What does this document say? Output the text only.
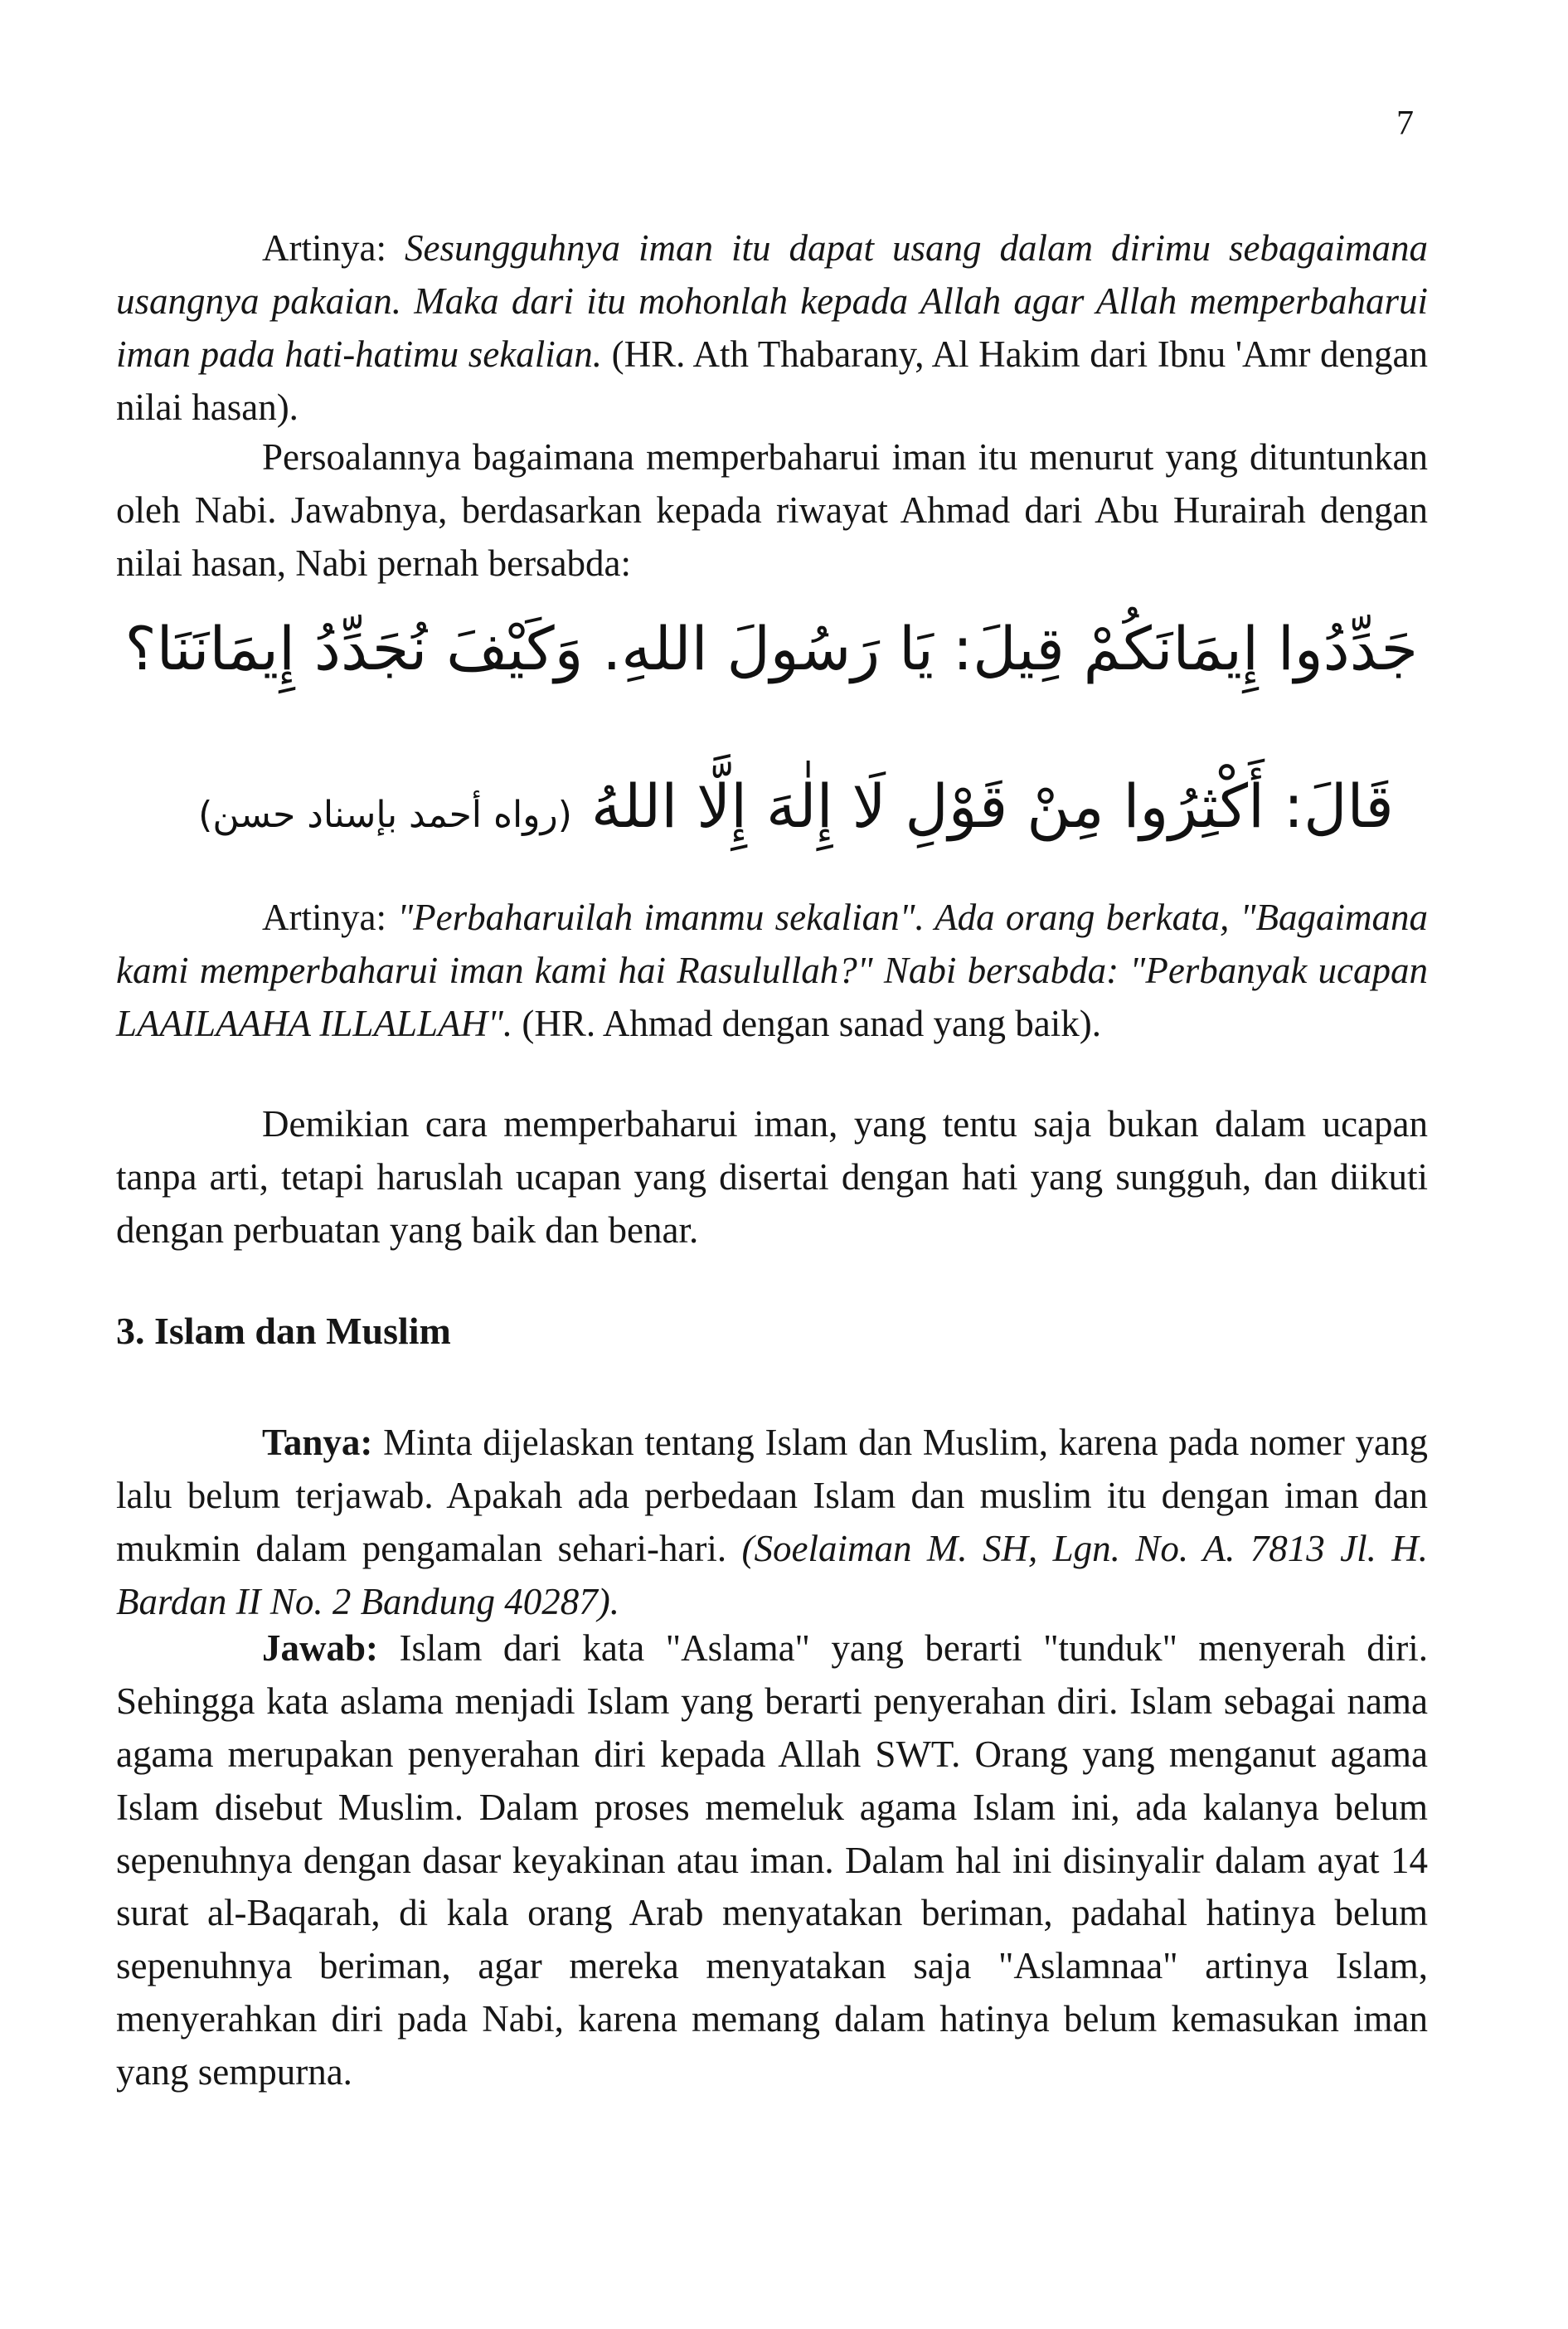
7

Artinya: Sesungguhnya iman itu dapat usang dalam dirimu sebagaimana usangnya pakaian. Maka dari itu mohonlah kepada Allah agar Allah memperbaharui iman pada hati-hatimu sekalian. (HR. Ath Thabarany, Al Hakim dari Ibnu 'Amr dengan nilai hasan).

Persoalannya bagaimana memperbaharui iman itu menurut yang dituntunkan oleh Nabi. Jawabnya, berdasarkan kepada riwayat Ahmad dari Abu Hurairah dengan nilai hasan, Nabi pernah bersabda:

جَدِّدُوا إِيمَانَكُمْ قِيلَ: يَا رَسُولَ اللهِ. وَكَيْفَ نُجَدِّدُ إِيمَانَنَا؟
قَالَ: أَكْثِرُوا مِنْ قَوْلِ لَا إِلٰهَ إِلَّا اللهُ (رواه أحمد بإسناد حسن)

Artinya: "Perbaharuilah imanmu sekalian". Ada orang berkata, "Bagaimana kami memperbaharui iman kami hai Rasulullah?" Nabi bersabda: "Perbanyak ucapan LAAILAAHA ILLALLAH". (HR. Ahmad dengan sanad yang baik).

Demikian cara memperbaharui iman, yang tentu saja bukan dalam ucapan tanpa arti, tetapi haruslah ucapan yang disertai dengan hati yang sungguh, dan diikuti dengan perbuatan yang baik dan benar.

3. Islam dan Muslim

Tanya: Minta dijelaskan tentang Islam dan Muslim, karena pada nomer yang lalu belum terjawab. Apakah ada perbedaan Islam dan muslim itu dengan iman dan mukmin dalam pengamalan sehari-hari. (Soelaiman M. SH, Lgn. No. A. 7813 Jl. H. Bardan II No. 2 Bandung 40287).

Jawab: Islam dari kata "Aslama" yang berarti "tunduk" menyerah diri. Sehingga kata aslama menjadi Islam yang berarti penyerahan diri. Islam sebagai nama agama merupakan penyerahan diri kepada Allah SWT. Orang yang menganut agama Islam disebut Muslim. Dalam proses memeluk agama Islam ini, ada kalanya belum sepenuhnya dengan dasar keyakinan atau iman. Dalam hal ini disinyalir dalam ayat 14 surat al-Baqarah, di kala orang Arab menyatakan beriman, padahal hatinya belum sepenuhnya beriman, agar mereka menyatakan saja "Aslamnaa" artinya Islam, menyerahkan diri pada Nabi, karena memang dalam hatinya belum kemasukan iman yang sempurna.
